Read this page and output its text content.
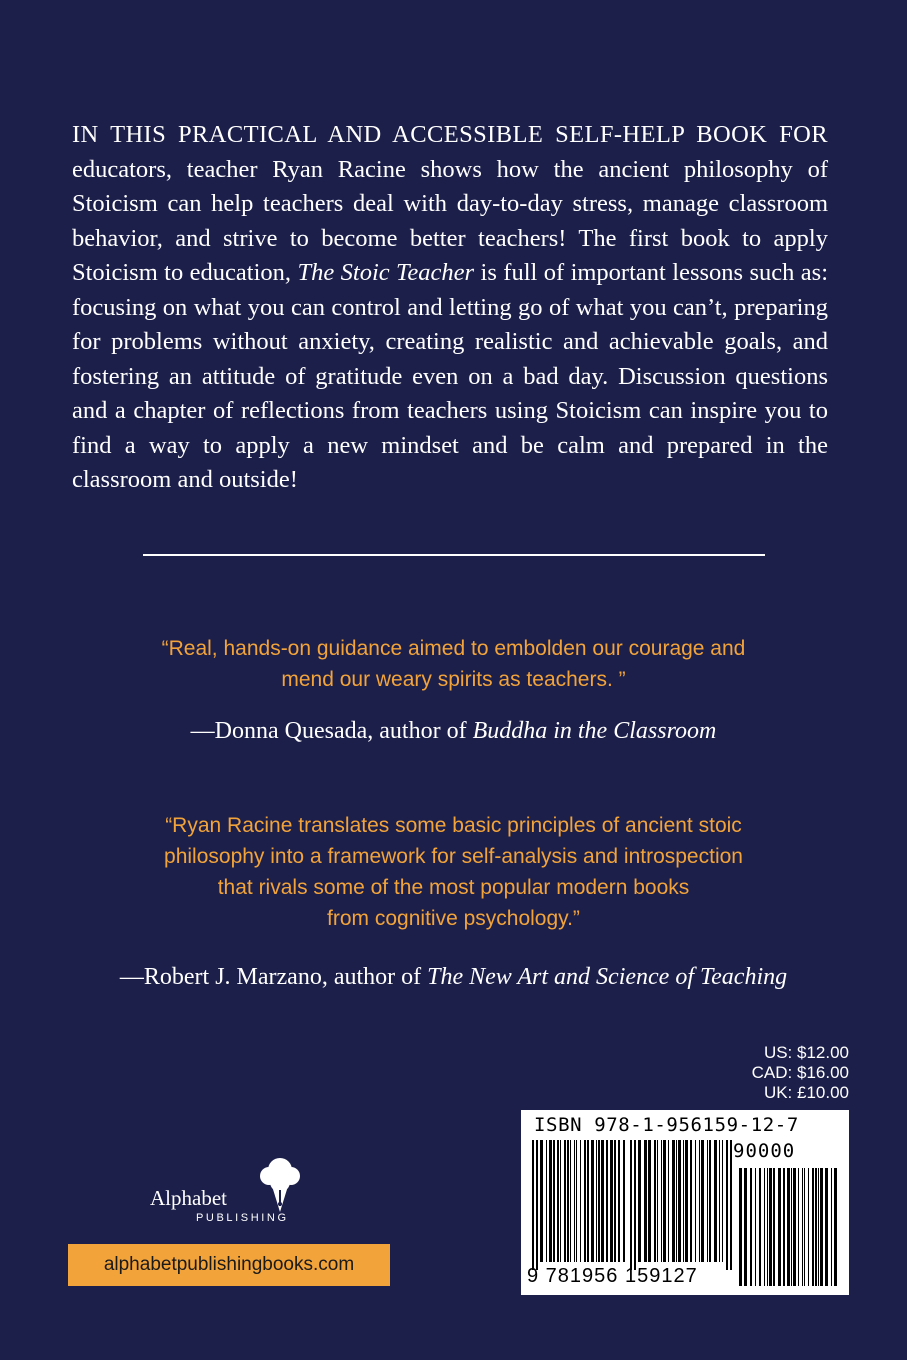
IN THIS PRACTICAL AND ACCESSIBLE SELF-HELP BOOK FOR educators, teacher Ryan Racine shows how the ancient philosophy of Stoicism can help teachers deal with day-to-day stress, manage classroom behavior, and strive to become better teachers! The first book to apply Stoicism to education, The Stoic Teacher is full of important lessons such as: focusing on what you can control and letting go of what you can’t, preparing for problems without anxiety, creating realistic and achievable goals, and fostering an attitude of gratitude even on a bad day. Discussion questions and a chapter of reflections from teachers using Stoicism can inspire you to find a way to apply a new mindset and be calm and prepared in the classroom and outside!

“Real, hands-on guidance aimed to embolden our courage and
mend our weary spirits as teachers. ”

—Donna Quesada, author of Buddha in the Classroom

“Ryan Racine translates some basic principles of ancient stoic
philosophy into a framework for self-analysis and introspection
that rivals some of the most popular modern books
from cognitive psychology.”

—Robert J. Marzano, author of The New Art and Science of Teaching

US: $12.00
CAD: $16.00
UK: £10.00
ISBN 978-1-956159-12-7
90000
9 781956 159127
Alphabet
PUBLISHING
alphabetpublishingbooks.com
